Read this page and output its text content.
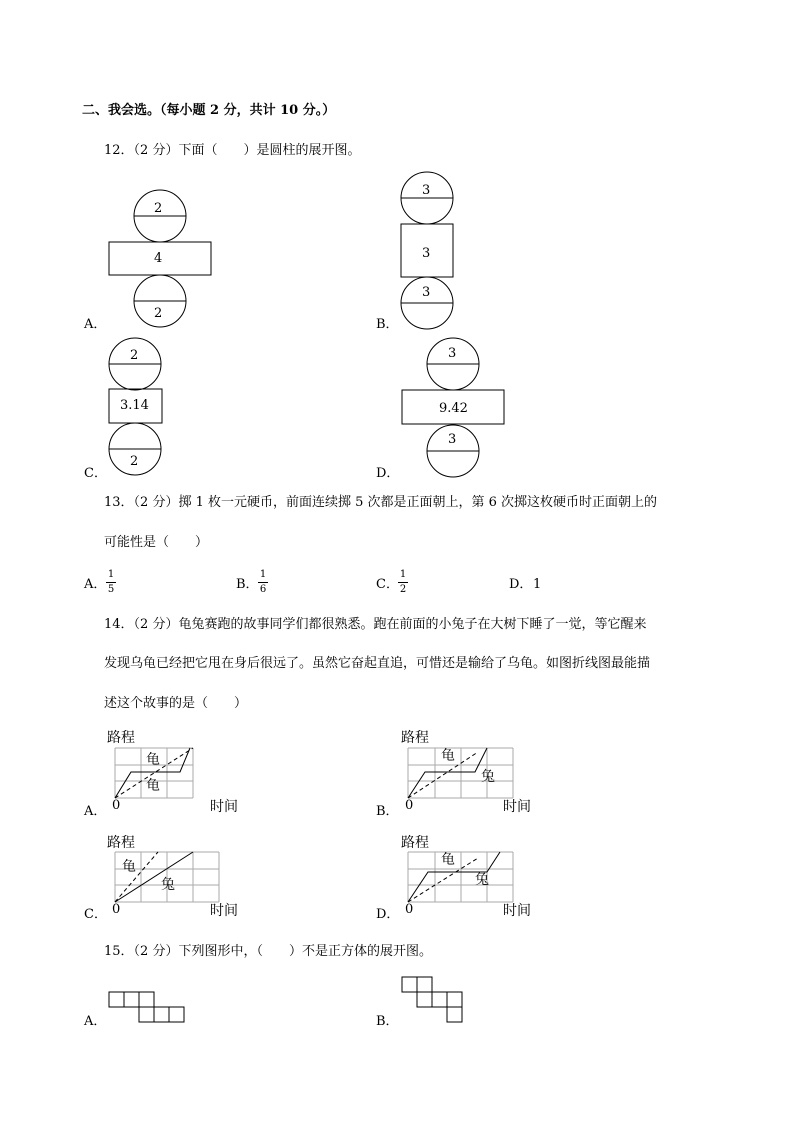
二、我会选。（每小题 2 分，共计 10 分。）
12．（2 分）下面（　　）是圆柱的展开图。
A．
2
4
2
B．
3
3
3
C．
2
3.14
2
D．
3
9.42
3
13．（2 分）掷 1 枚一元硬币，前面连续掷 5 次都是正面朝上，第 6 次掷这枚硬币时正面朝上的
可能性是（　　）
A．
1
5	B．
1
6	C．
1
2	D． 1
14．（2 分）龟兔赛跑的故事同学们都很熟悉。跑在前面的小兔子在大树下睡了一觉，等它醒来
发现乌龟已经把它甩在身后很远了。虽然它奋起直追，可惜还是输给了乌龟。如图折线图最能描
述这个故事的是（　　）
路程
时间
0
龟
龟
A．
路程
时间
0
龟
兔
B．
路程
时间
0
龟
兔
C．
路程
时间
0
龟
兔
D．
15．（2 分）下列图形中，（　　）不是正方体的展开图。
A．	B．
